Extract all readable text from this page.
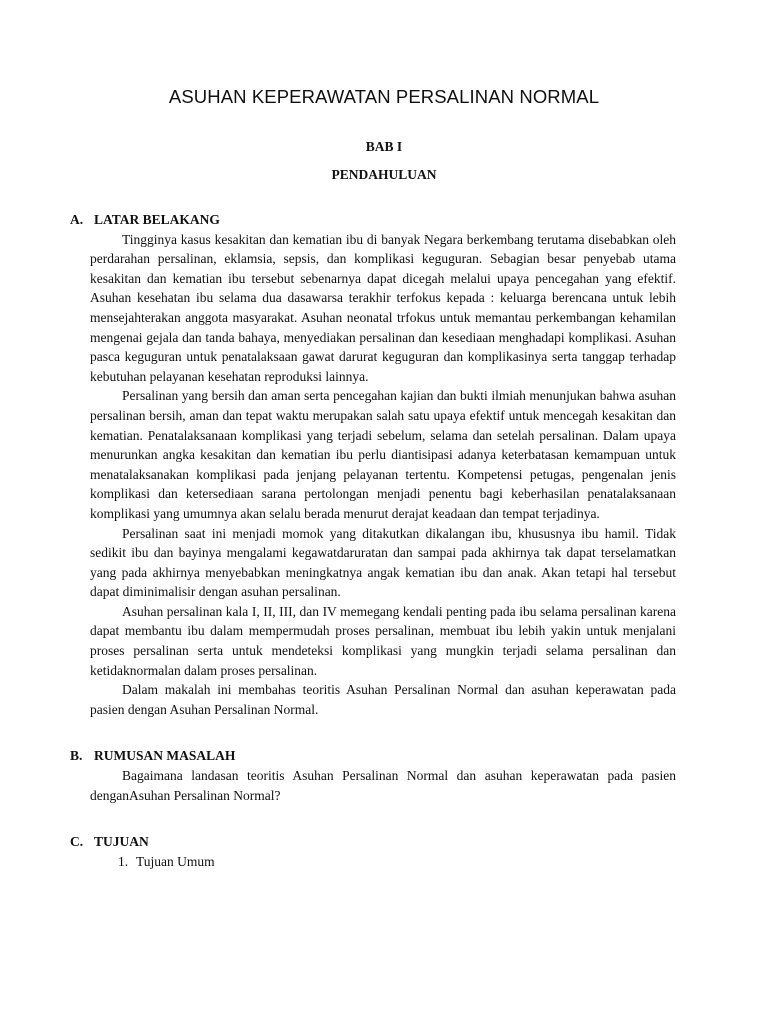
ASUHAN KEPERAWATAN PERSALINAN NORMAL

BAB I

PENDAHULUAN

A. LATAR BELAKANG

Tingginya kasus kesakitan dan kematian ibu di banyak Negara berkembang terutama disebabkan oleh perdarahan persalinan, eklamsia, sepsis, dan komplikasi keguguran. Sebagian besar penyebab utama kesakitan dan kematian ibu tersebut sebenarnya dapat dicegah melalui upaya pencegahan yang efektif. Asuhan kesehatan ibu selama dua dasawarsa terakhir terfokus kepada : keluarga berencana untuk lebih mensejahterakan anggota masyarakat. Asuhan neonatal trfokus untuk memantau perkembangan kehamilan mengenai gejala dan tanda bahaya, menyediakan persalinan dan kesediaan menghadapi komplikasi. Asuhan pasca keguguran untuk penatalaksaan gawat darurat keguguran dan komplikasinya serta tanggap terhadap kebutuhan pelayanan kesehatan reproduksi lainnya.

Persalinan yang bersih dan aman serta pencegahan kajian dan bukti ilmiah menunjukan bahwa asuhan persalinan bersih, aman dan tepat waktu merupakan salah satu upaya efektif untuk mencegah kesakitan dan kematian. Penatalaksanaan komplikasi yang terjadi sebelum, selama dan setelah persalinan. Dalam upaya menurunkan angka kesakitan dan kematian ibu perlu diantisipasi adanya keterbatasan kemampuan untuk menatalaksanakan komplikasi pada jenjang pelayanan tertentu. Kompetensi petugas, pengenalan jenis komplikasi dan ketersediaan sarana pertolongan menjadi penentu bagi keberhasilan penatalaksanaan komplikasi yang umumnya akan selalu berada menurut derajat keadaan dan tempat terjadinya.

Persalinan saat ini menjadi momok yang ditakutkan dikalangan ibu, khususnya ibu hamil. Tidak sedikit ibu dan bayinya mengalami kegawatdaruratan dan sampai pada akhirnya tak dapat terselamatkan yang pada akhirnya menyebabkan meningkatnya angak kematian ibu dan anak. Akan tetapi hal tersebut dapat diminimalisir dengan asuhan persalinan.

Asuhan persalinan kala I, II, III, dan IV memegang kendali penting pada ibu selama persalinan karena dapat membantu ibu dalam mempermudah proses persalinan, membuat ibu lebih yakin untuk menjalani proses persalinan serta untuk mendeteksi komplikasi yang mungkin terjadi selama persalinan dan ketidaknormalan dalam proses persalinan.

Dalam makalah ini membahas teoritis Asuhan Persalinan Normal dan asuhan keperawatan pada pasien dengan Asuhan Persalinan Normal.

B. RUMUSAN MASALAH

Bagaimana landasan teoritis Asuhan Persalinan Normal dan asuhan keperawatan pada pasien denganAsuhan Persalinan Normal?

C. TUJUAN
1. Tujuan Umum
